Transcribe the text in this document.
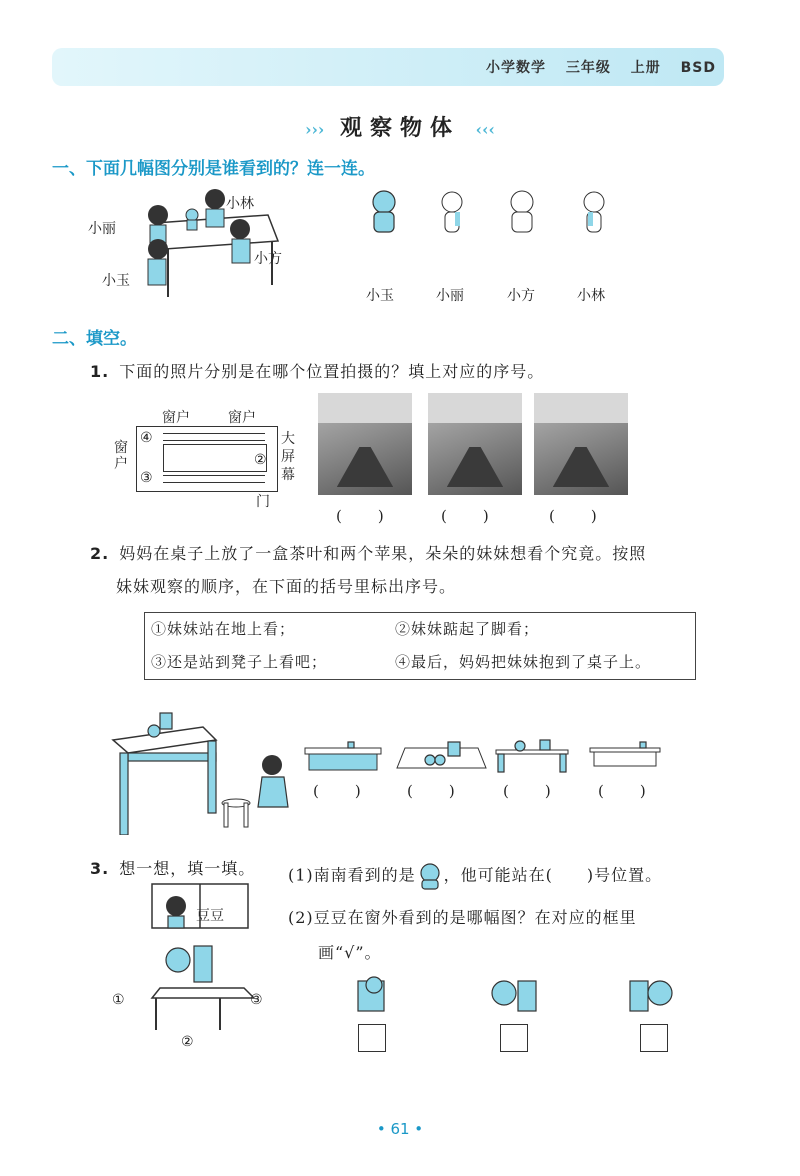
小学数学 三年级 上册 BSD
››› 观察物体 ‹‹‹
一、下面几幅图分别是谁看到的？连一连。
小丽
小林
小方
小玉
小玉	小丽	小方	小林
二、填空。
1. 下面的照片分别是在哪个位置拍摄的？填上对应的序号。
窗户	窗户
窗户
大屏幕
门
④
③
②
(　　)	(　　)	(　　)
2. 妈妈在桌子上放了一盒茶叶和两个苹果，朵朵的妹妹想看个究竟。按照
妹妹观察的顺序，在下面的括号里标出序号。
①妹妹站在地上看；	②妹妹踮起了脚看；
③还是站到凳子上看吧；	④最后，妈妈把妹妹抱到了桌子上。
(　　)	(　　)	(　　)	(　　)
3. 想一想，填一填。 (1)南南看到的是 ，他可能站在(　　)号位置。
(2)豆豆在窗外看到的是哪幅图？在对应的框里
画“√”。
豆豆
①
②
③
• 61 •
